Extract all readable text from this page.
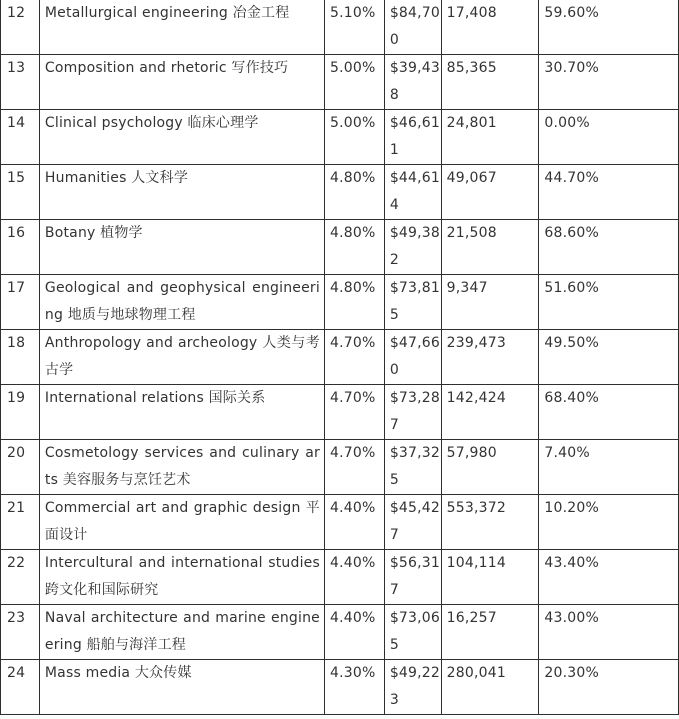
12	Metallurgical engineering 冶金工程	5.10%	$84,700	17,408	59.60%
13	Composition and rhetoric 写作技巧	5.00%	$39,438	85,365	30.70%
14	Clinical psychology 临床心理学	5.00%	$46,611	24,801	0.00%
15	Humanities 人文科学	4.80%	$44,614	49,067	44.70%
16	Botany 植物学	4.80%	$49,382	21,508	68.60%
17	Geological and geophysical engineering 地质与地球物理工程	4.80%	$73,815	9,347	51.60%
18	Anthropology and archeology 人类与考古学	4.70%	$47,660	239,473	49.50%
19	International relations 国际关系	4.70%	$73,287	142,424	68.40%
20	Cosmetology services and culinary arts 美容服务与烹饪艺术	4.70%	$37,325	57,980	7.40%
21	Commercial art and graphic design 平面设计	4.40%	$45,427	553,372	10.20%
22	Intercultural and international studies 跨文化和国际研究	4.40%	$56,317	104,114	43.40%
23	Naval architecture and marine engineering 船舶与海洋工程	4.40%	$73,065	16,257	43.00%
24	Mass media 大众传媒	4.30%	$49,223	280,041	20.30%
